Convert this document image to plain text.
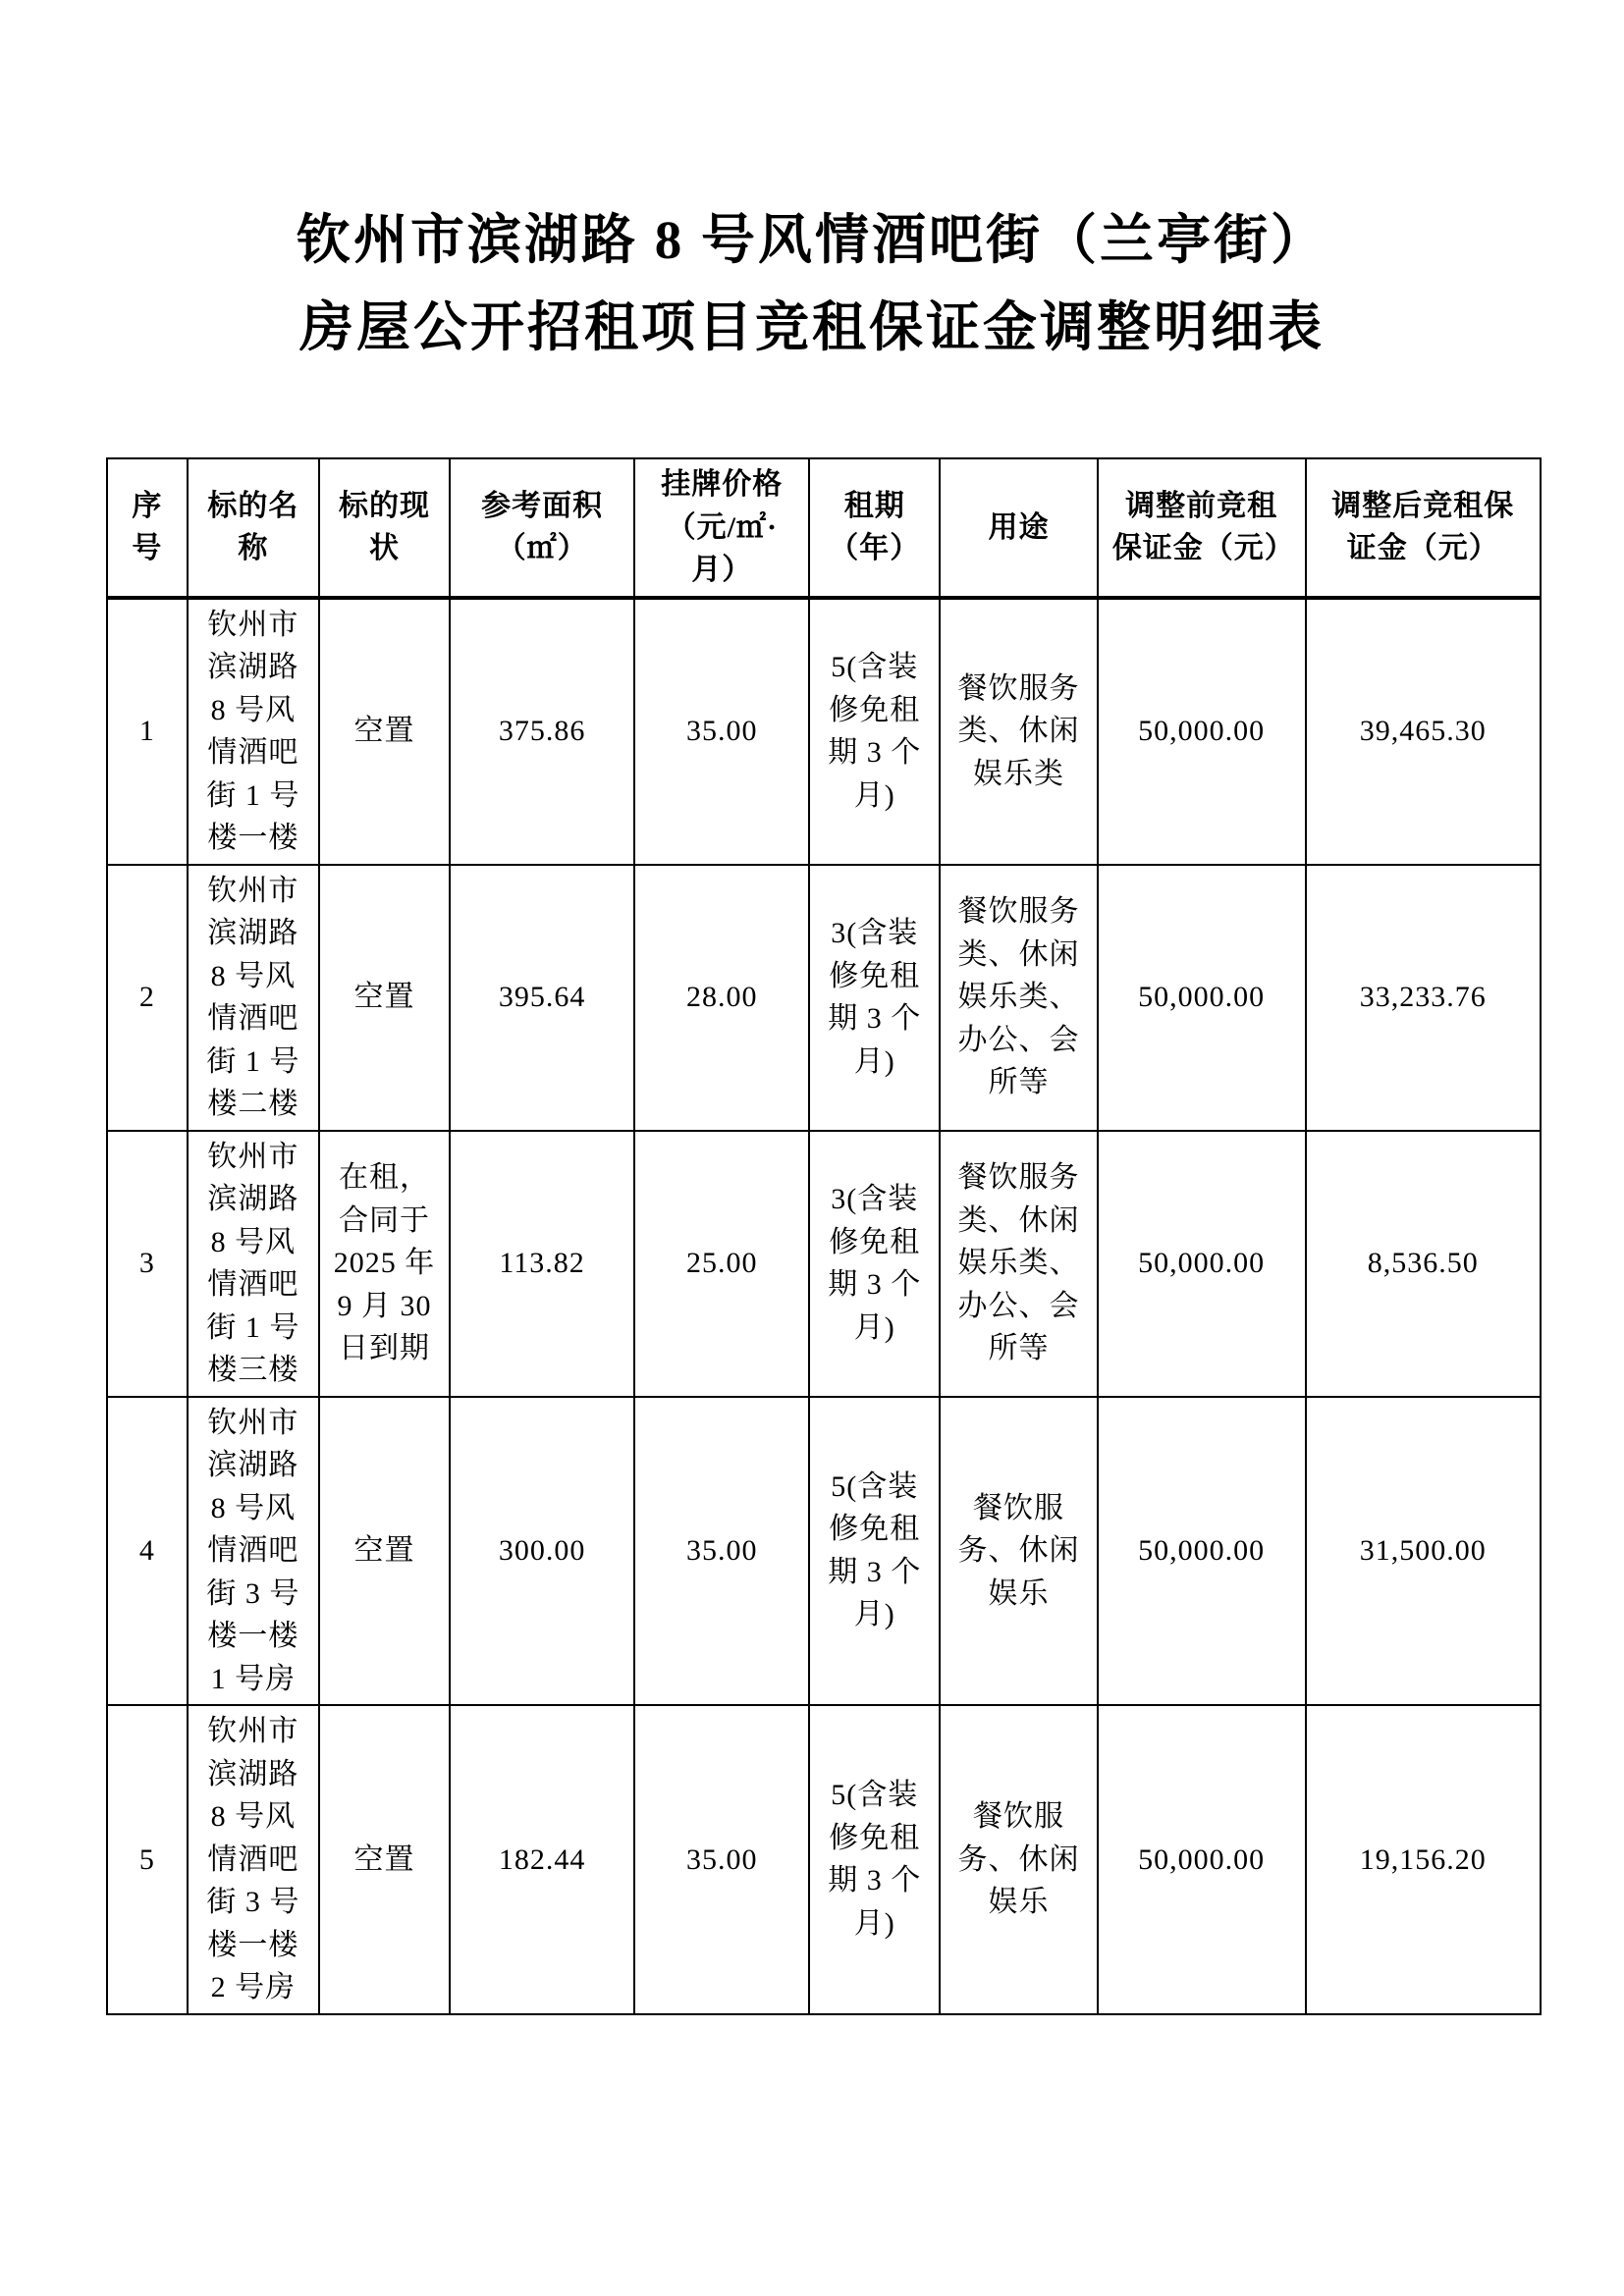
钦州市滨湖路 8 号风情酒吧街（兰亭街）
房屋公开招租项目竞租保证金调整明细表
序号	标的名称	标的现状	参考面积（㎡）	挂牌价格（元/㎡·月）	租期（年）	用途	调整前竞租保证金（元）	调整后竞租保证金（元）
1	钦州市滨湖路 8 号风情酒吧街 1 号楼一楼	空置	375.86	35.00	5(含装修免租期 3 个月)	餐饮服务类、休闲娱乐类	50,000.00	39,465.30
2	钦州市滨湖路 8 号风情酒吧街 1 号楼二楼	空置	395.64	28.00	3(含装修免租期 3 个月)	餐饮服务类、休闲娱乐类、办公、会所等	50,000.00	33,233.76
3	钦州市滨湖路 8 号风情酒吧街 1 号楼三楼	在租，合同于 2025 年 9 月 30 日到期	113.82	25.00	3(含装修免租期 3 个月)	餐饮服务类、休闲娱乐类、办公、会所等	50,000.00	8,536.50
4	钦州市滨湖路 8 号风情酒吧街 3 号楼一楼 1 号房	空置	300.00	35.00	5(含装修免租期 3 个月)	餐饮服务、休闲娱乐	50,000.00	31,500.00
5	钦州市滨湖路 8 号风情酒吧街 3 号楼一楼 2 号房	空置	182.44	35.00	5(含装修免租期 3 个月)	餐饮服务、休闲娱乐	50,000.00	19,156.20
